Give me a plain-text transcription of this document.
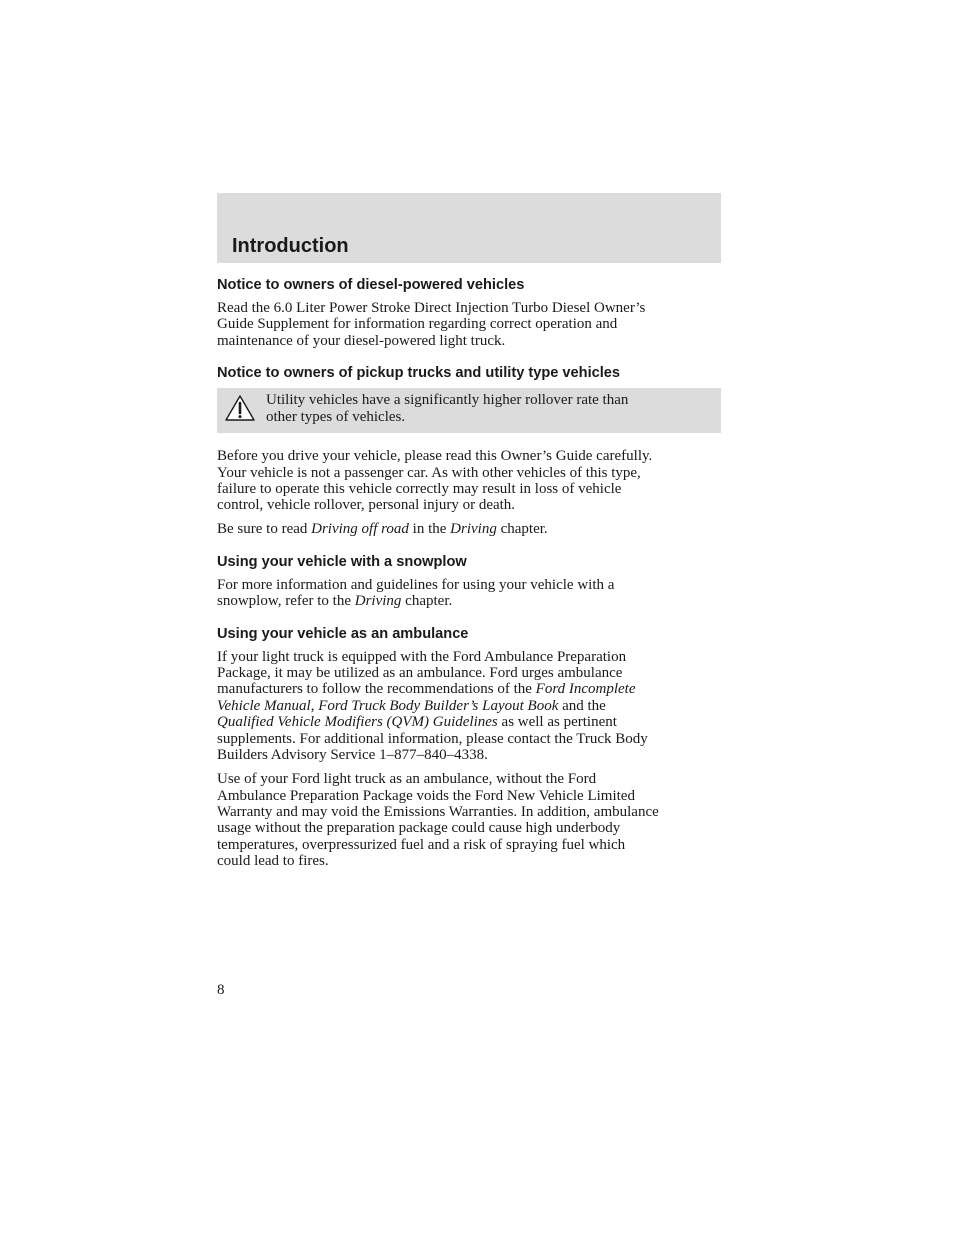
Introduction
Notice to owners of diesel-powered vehicles

Read the 6.0 Liter Power Stroke Direct Injection Turbo Diesel Owner’s
Guide Supplement for information regarding correct operation and
maintenance of your diesel-powered light truck.

Notice to owners of pickup trucks and utility type vehicles

Utility vehicles have a significantly higher rollover rate than
other types of vehicles.

Before you drive your vehicle, please read this Owner’s Guide carefully.
Your vehicle is not a passenger car. As with other vehicles of this type,
failure to operate this vehicle correctly may result in loss of vehicle
control, vehicle rollover, personal injury or death.

Be sure to read Driving off road in the Driving chapter.

Using your vehicle with a snowplow

For more information and guidelines for using your vehicle with a
snowplow, refer to the Driving chapter.

Using your vehicle as an ambulance

If your light truck is equipped with the Ford Ambulance Preparation
Package, it may be utilized as an ambulance. Ford urges ambulance
manufacturers to follow the recommendations of the Ford Incomplete
Vehicle Manual, Ford Truck Body Builder’s Layout Book and the
Qualified Vehicle Modifiers (QVM) Guidelines as well as pertinent
supplements. For additional information, please contact the Truck Body
Builders Advisory Service 1–877–840–4338.

Use of your Ford light truck as an ambulance, without the Ford
Ambulance Preparation Package voids the Ford New Vehicle Limited
Warranty and may void the Emissions Warranties. In addition, ambulance
usage without the preparation package could cause high underbody
temperatures, overpressurized fuel and a risk of spraying fuel which
could lead to fires.

8
